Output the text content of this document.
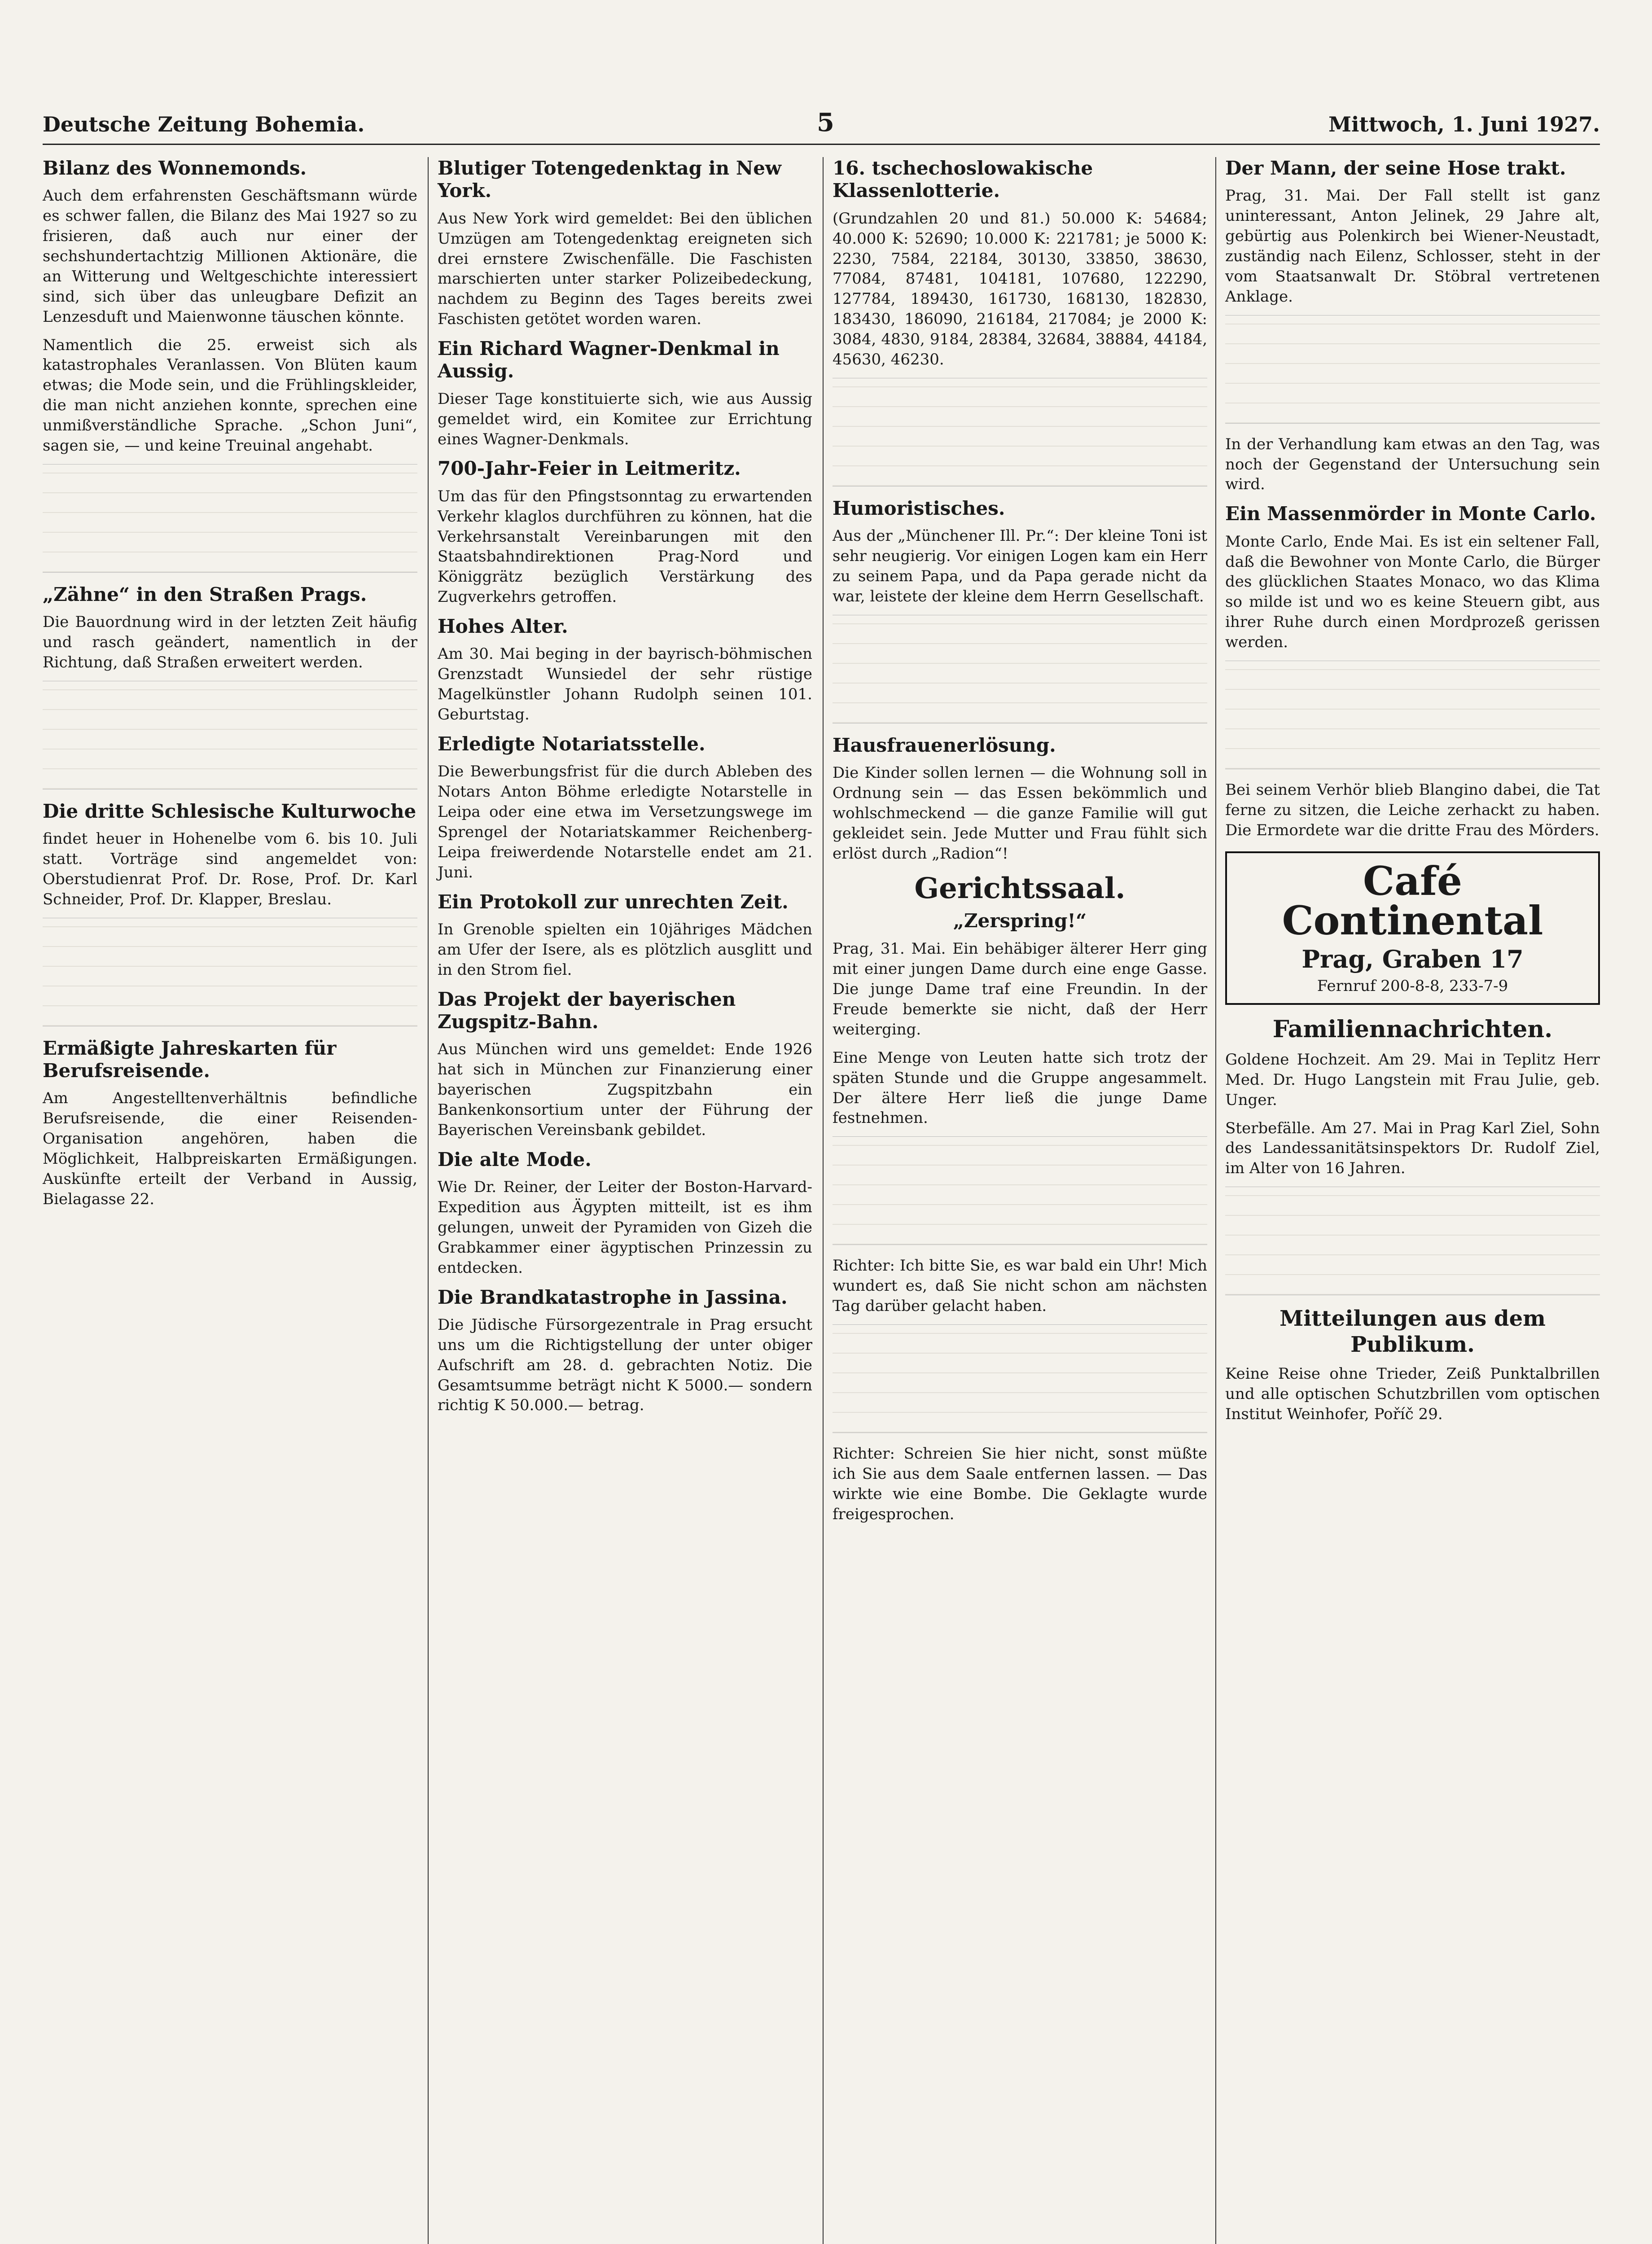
Deutsche Zeitung Bohemia.	5	Mittwoch, 1. Juni 1927.
Bilanz des Wonnemonds.

Auch dem erfahrensten Geschäftsmann würde es schwer fallen, die Bilanz des Mai 1927 so zu frisieren, daß auch nur einer der sechshundertachtzig Millionen Aktionäre, die an Witterung und Weltgeschichte interessiert sind, sich über das unleugbare Defizit an Lenzesduft und Maienwonne täuschen könnte.

Namentlich die 25. erweist sich als katastrophales Veranlassen. Von Blüten kaum etwas; die Mode sein, und die Frühlingskleider, die man nicht anziehen konnte, sprechen eine unmißverständliche Sprache. „Schon Juni“, sagen sie, — und keine Treuinal angehabt.

„Zähne“ in den Straßen Prags.

Die Bauordnung wird in der letzten Zeit häufig und rasch geändert, namentlich in der Richtung, daß Straßen erweitert werden.

Die dritte Schlesische Kulturwoche

findet heuer in Hohenelbe vom 6. bis 10. Juli statt. Vorträge sind angemeldet von: Oberstudienrat Prof. Dr. Rose, Prof. Dr. Karl Schneider, Prof. Dr. Klapper, Breslau.

Ermäßigte Jahreskarten für Berufsreisende.

Am Angestelltenverhältnis befindliche Berufsreisende, die einer Reisenden-Organisation angehören, haben die Möglichkeit, Halbpreiskarten Ermäßigungen. Auskünfte erteilt der Verband in Aussig, Bielagasse 22.

Blutiger Totengedenktag in New York.

Aus New York wird gemeldet: Bei den üblichen Umzügen am Totengedenktag ereigneten sich drei ernstere Zwischenfälle. Die Faschisten marschierten unter starker Polizeibedeckung, nachdem zu Beginn des Tages bereits zwei Faschisten getötet worden waren.

Ein Richard Wagner-Denkmal in Aussig.

Dieser Tage konstituierte sich, wie aus Aussig gemeldet wird, ein Komitee zur Errichtung eines Wagner-Denkmals.

700-Jahr-Feier in Leitmeritz.

Um das für den Pfingstsonntag zu erwartenden Verkehr klaglos durchführen zu können, hat die Verkehrsanstalt Vereinbarungen mit den Staatsbahndirektionen Prag-Nord und Königgrätz bezüglich Verstärkung des Zugverkehrs getroffen.

Hohes Alter.

Am 30. Mai beging in der bayrisch-böhmischen Grenzstadt Wunsiedel der sehr rüstige Magelkünstler Johann Rudolph seinen 101. Geburtstag.

Erledigte Notariatsstelle.

Die Bewerbungsfrist für die durch Ableben des Notars Anton Böhme erledigte Notarstelle in Leipa oder eine etwa im Versetzungswege im Sprengel der Notariatskammer Reichenberg-Leipa freiwerdende Notarstelle endet am 21. Juni.

Ein Protokoll zur unrechten Zeit.

In Grenoble spielten ein 10jähriges Mädchen am Ufer der Isere, als es plötzlich ausglitt und in den Strom fiel.

Das Projekt der bayerischen Zugspitz-Bahn.

Aus München wird uns gemeldet: Ende 1926 hat sich in München zur Finanzierung einer bayerischen Zugspitzbahn ein Bankenkonsortium unter der Führung der Bayerischen Vereinsbank gebildet.

Die alte Mode.

Wie Dr. Reiner, der Leiter der Boston-Harvard-Expedition aus Ägypten mitteilt, ist es ihm gelungen, unweit der Pyramiden von Gizeh die Grabkammer einer ägyptischen Prinzessin zu entdecken.

Die Brandkatastrophe in Jassina.

Die Jüdische Fürsorgezentrale in Prag ersucht uns um die Richtigstellung der unter obiger Aufschrift am 28. d. gebrachten Notiz. Die Gesamtsumme beträgt nicht K 5000.— sondern richtig K 50.000.— betrag.

16. tschechoslowakische Klassenlotterie.

(Grundzahlen 20 und 81.) 50.000 K: 54684; 40.000 K: 52690; 10.000 K: 221781; je 5000 K: 2230, 7584, 22184, 30130, 33850, 38630, 77084, 87481, 104181, 107680, 122290, 127784, 189430, 161730, 168130, 182830, 183430, 186090, 216184, 217084; je 2000 K: 3084, 4830, 9184, 28384, 32684, 38884, 44184, 45630, 46230.

Humoristisches.

Aus der „Münchener Ill. Pr.“: Der kleine Toni ist sehr neugierig. Vor einigen Logen kam ein Herr zu seinem Papa, und da Papa gerade nicht da war, leistete der kleine dem Herrn Gesellschaft.

Hausfrauenerlösung.

Die Kinder sollen lernen — die Wohnung soll in Ordnung sein — das Essen bekömmlich und wohlschmeckend — die ganze Familie will gut gekleidet sein. Jede Mutter und Frau fühlt sich erlöst durch „Radion“!

Gerichtssaal.
„Zerspring!“

Prag, 31. Mai. Ein behäbiger älterer Herr ging mit einer jungen Dame durch eine enge Gasse. Die junge Dame traf eine Freundin. In der Freude bemerkte sie nicht, daß der Herr weiterging.

Eine Menge von Leuten hatte sich trotz der späten Stunde und die Gruppe angesammelt. Der ältere Herr ließ die junge Dame festnehmen.

Richter: Ich bitte Sie, es war bald ein Uhr! Mich wundert es, daß Sie nicht schon am nächsten Tag darüber gelacht haben.

Richter: Schreien Sie hier nicht, sonst müßte ich Sie aus dem Saale entfernen lassen. — Das wirkte wie eine Bombe. Die Geklagte wurde freigesprochen.

Der Mann, der seine Hose trakt.

Prag, 31. Mai. Der Fall stellt ist ganz uninteressant, Anton Jelinek, 29 Jahre alt, gebürtig aus Polenkirch bei Wiener-Neustadt, zuständig nach Eilenz, Schlosser, steht in der vom Staatsanwalt Dr. Stöbral vertretenen Anklage.

In der Verhandlung kam etwas an den Tag, was noch der Gegenstand der Untersuchung sein wird.

Ein Massenmörder in Monte Carlo.

Monte Carlo, Ende Mai. Es ist ein seltener Fall, daß die Bewohner von Monte Carlo, die Bürger des glücklichen Staates Monaco, wo das Klima so milde ist und wo es keine Steuern gibt, aus ihrer Ruhe durch einen Mordprozeß gerissen werden.

Bei seinem Verhör blieb Blangino dabei, die Tat ferne zu sitzen, die Leiche zerhackt zu haben. Die Ermordete war die dritte Frau des Mörders.

Café Continental
Prag, Graben 17
Fernruf 200-8-8, 233-7-9
Familiennachrichten.

Goldene Hochzeit. Am 29. Mai in Teplitz Herr Med. Dr. Hugo Langstein mit Frau Julie, geb. Unger.

Sterbefälle. Am 27. Mai in Prag Karl Ziel, Sohn des Landessanitätsinspektors Dr. Rudolf Ziel, im Alter von 16 Jahren.

Mitteilungen aus dem Publikum.

Keine Reise ohne Trieder, Zeiß Punktalbrillen und alle optischen Schutzbrillen vom optischen Institut Weinhofer, Poříč 29.
